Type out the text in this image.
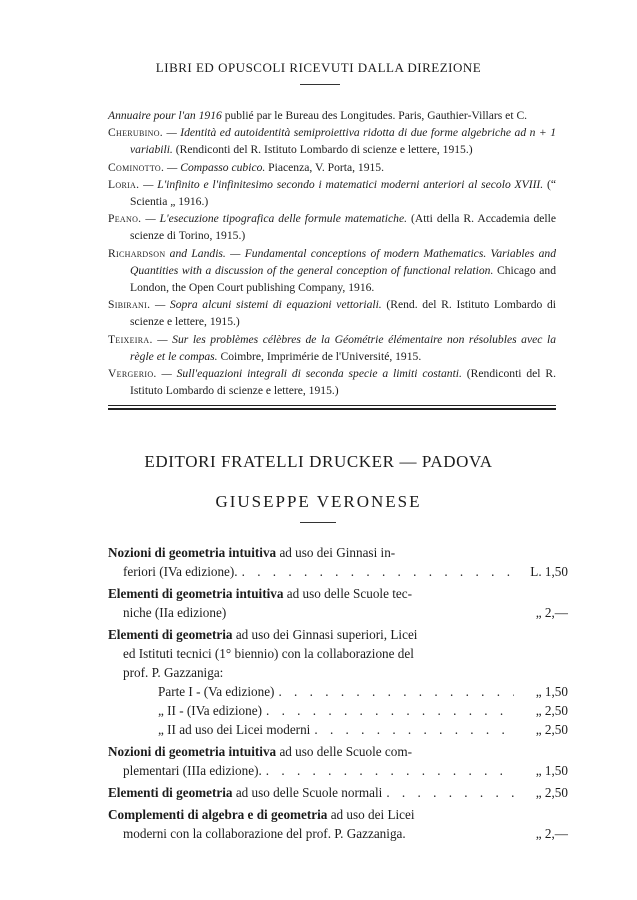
LIBRI ED OPUSCOLI RICEVUTI DALLA DIREZIONE
Annuaire pour l'an 1916 publié par le Bureau des Longitudes. Paris, Gauthier-Villars et C.
Cherubino. — Identità ed autoidentità semiproiettiva ridotta di due forme algebriche ad n + 1 variabili. (Rendiconti del R. Istituto Lombardo di scienze e lettere, 1915.)
Cominotto. — Compasso cubico. Piacenza, V. Porta, 1915.
Loria. — L'infinito e l'infinitesimo secondo i matematici moderni anteriori al secolo XVIII. (“ Scientia „ 1916.)
Peano. — L'esecuzione tipografica delle formule matematiche. (Atti della R. Accademia delle scienze di Torino, 1915.)
Richardson and Landis. — Fundamental conceptions of modern Mathematics. Variables and Quantities with a discussion of the general conception of functional relation. Chicago and London, the Open Court publishing Company, 1916.
Sibirani. — Sopra alcuni sistemi di equazioni vettoriali. (Rend. del R. Istituto Lombardo di scienze e lettere, 1915.)
Teixeira. — Sur les problèmes célèbres de la Géométrie élémentaire non résolubles avec la règle et le compas. Coimbre, Imprimérie de l'Université, 1915.
Vergerio. — Sull'equazioni integrali di seconda specie a limiti costanti. (Rendiconti del R. Istituto Lombardo di scienze e lettere, 1915.)
EDITORI FRATELLI DRUCKER — PADOVA
GIUSEPPE VERONESE
Nozioni di geometria intuitiva ad uso dei Ginnasi in-
feriori (IVa edizione). . . .	L. 1,50
Elementi di geometria intuitiva ad uso delle Scuole tec-
niche (IIa edizione)	„ 2,—
Elementi di geometria ad uso dei Ginnasi superiori, Licei
ed Istituti tecnici (1° biennio) con la collaborazione del
prof. P. Gazzaniga:
Parte I - (Va edizione) . . .	„ 1,50
„ II - (IVa edizione) . . .	„ 2,50
„ II ad uso dei Licei moderni . . .	„ 2,50
Nozioni di geometria intuitiva ad uso delle Scuole com-
plementari (IIIa edizione). . . .	„ 1,50
Elementi di geometria ad uso delle Scuole normali . . .	„ 2,50
Complementi di algebra e di geometria ad uso dei Licei
moderni con la collaborazione del prof. P. Gazzaniga.	„ 2,—
